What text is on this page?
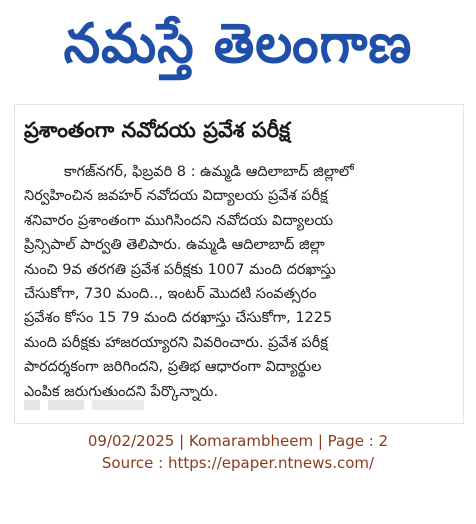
నమస్తే తెలంగాణ
ప్రశాంతంగా నవోదయ ప్రవేశ పరీక్ష
కాగజ్‌నగర్, ఫిబ్రవరి 8 : ఉమ్మడి ఆదిలాబాద్ జిల్లాలో
నిర్వహించిన జవహర్ నవోదయ విద్యాలయ ప్రవేశ పరీక్ష
శనివారం ప్రశాంతంగా ముగిసిందని నవోదయ విద్యాలయ
ప్రిన్సిపాల్ పార్వతి తెలిపారు. ఉమ్మడి ఆదిలాబాద్ జిల్లా
నుంచి 9వ తరగతి ప్రవేశ పరీక్షకు 1007 మంది దరఖాస్తు
చేసుకోగా, 730 మంది.., ఇంటర్ మొదటి సంవత్సరం
ప్రవేశం కోసం 15 79 మంది దరఖాస్తు చేసుకోగా, 1225
మంది పరీక్షకు హాజరయ్యారని వివరించారు. ప్రవేశ పరీక్ష
పారదర్శకంగా జరిగిందని, ప్రతిభ ఆధారంగా విద్యార్థుల
ఎంపిక జరుగుతుందని పేర్కొన్నారు.
09/02/2025 | Komarambheem | Page : 2
Source : https://epaper.ntnews.com/
